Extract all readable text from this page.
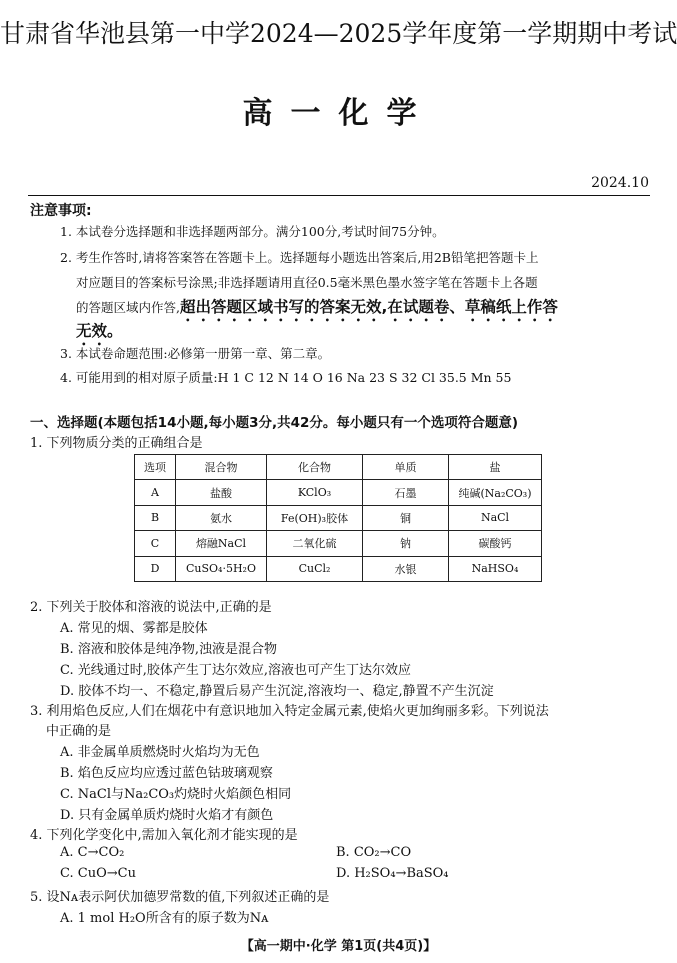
甘肃省华池县第一中学2024—2025学年度第一学期期中考试
高一化学
2024.10
注意事项:
1. 本试卷分选择题和非选择题两部分。满分100分,考试时间75分钟。
2. 考生作答时,请将答案答在答题卡上。选择题每小题选出答案后,用2B铅笔把答题卡上
对应题目的答案标号涂黑;非选择题请用直径0.5毫米黑色墨水签字笔在答题卡上各题
的答题区域内作答,超出答题区域书写的答案无效,在试题卷、草稿纸上作答
无效。
3. 本试卷命题范围:必修第一册第一章、第二章。
4. 可能用到的相对原子质量:H 1 C 12 N 14 O 16 Na 23 S 32 Cl 35.5 Mn 55
一、选择题(本题包括14小题,每小题3分,共42分。每小题只有一个选项符合题意)
1. 下列物质分类的正确组合是
选项	混合物	化合物	单质	盐
A	盐酸	KClO₃	石墨	纯碱(Na₂CO₃)
B	氨水	Fe(OH)₃胶体	铜	NaCl
C	熔融NaCl	二氧化硫	钠	碳酸钙
D	CuSO₄·5H₂O	CuCl₂	水银	NaHSO₄
2. 下列关于胶体和溶液的说法中,正确的是
A. 常见的烟、雾都是胶体
B. 溶液和胶体是纯净物,浊液是混合物
C. 光线通过时,胶体产生丁达尔效应,溶液也可产生丁达尔效应
D. 胶体不均一、不稳定,静置后易产生沉淀,溶液均一、稳定,静置不产生沉淀
3. 利用焰色反应,人们在烟花中有意识地加入特定金属元素,使焰火更加绚丽多彩。下列说法
中正确的是
A. 非金属单质燃烧时火焰均为无色
B. 焰色反应均应透过蓝色钴玻璃观察
C. NaCl与Na₂CO₃灼烧时火焰颜色相同
D. 只有金属单质灼烧时火焰才有颜色
4. 下列化学变化中,需加入氧化剂才能实现的是
A. C→CO₂	B. CO₂→CO
C. CuO→Cu	D. H₂SO₄→BaSO₄
5. 设Nᴀ表示阿伏加德罗常数的值,下列叙述正确的是
A. 1 mol H₂O所含有的原子数为Nᴀ
【高一期中·化学 第1页(共4页)】
